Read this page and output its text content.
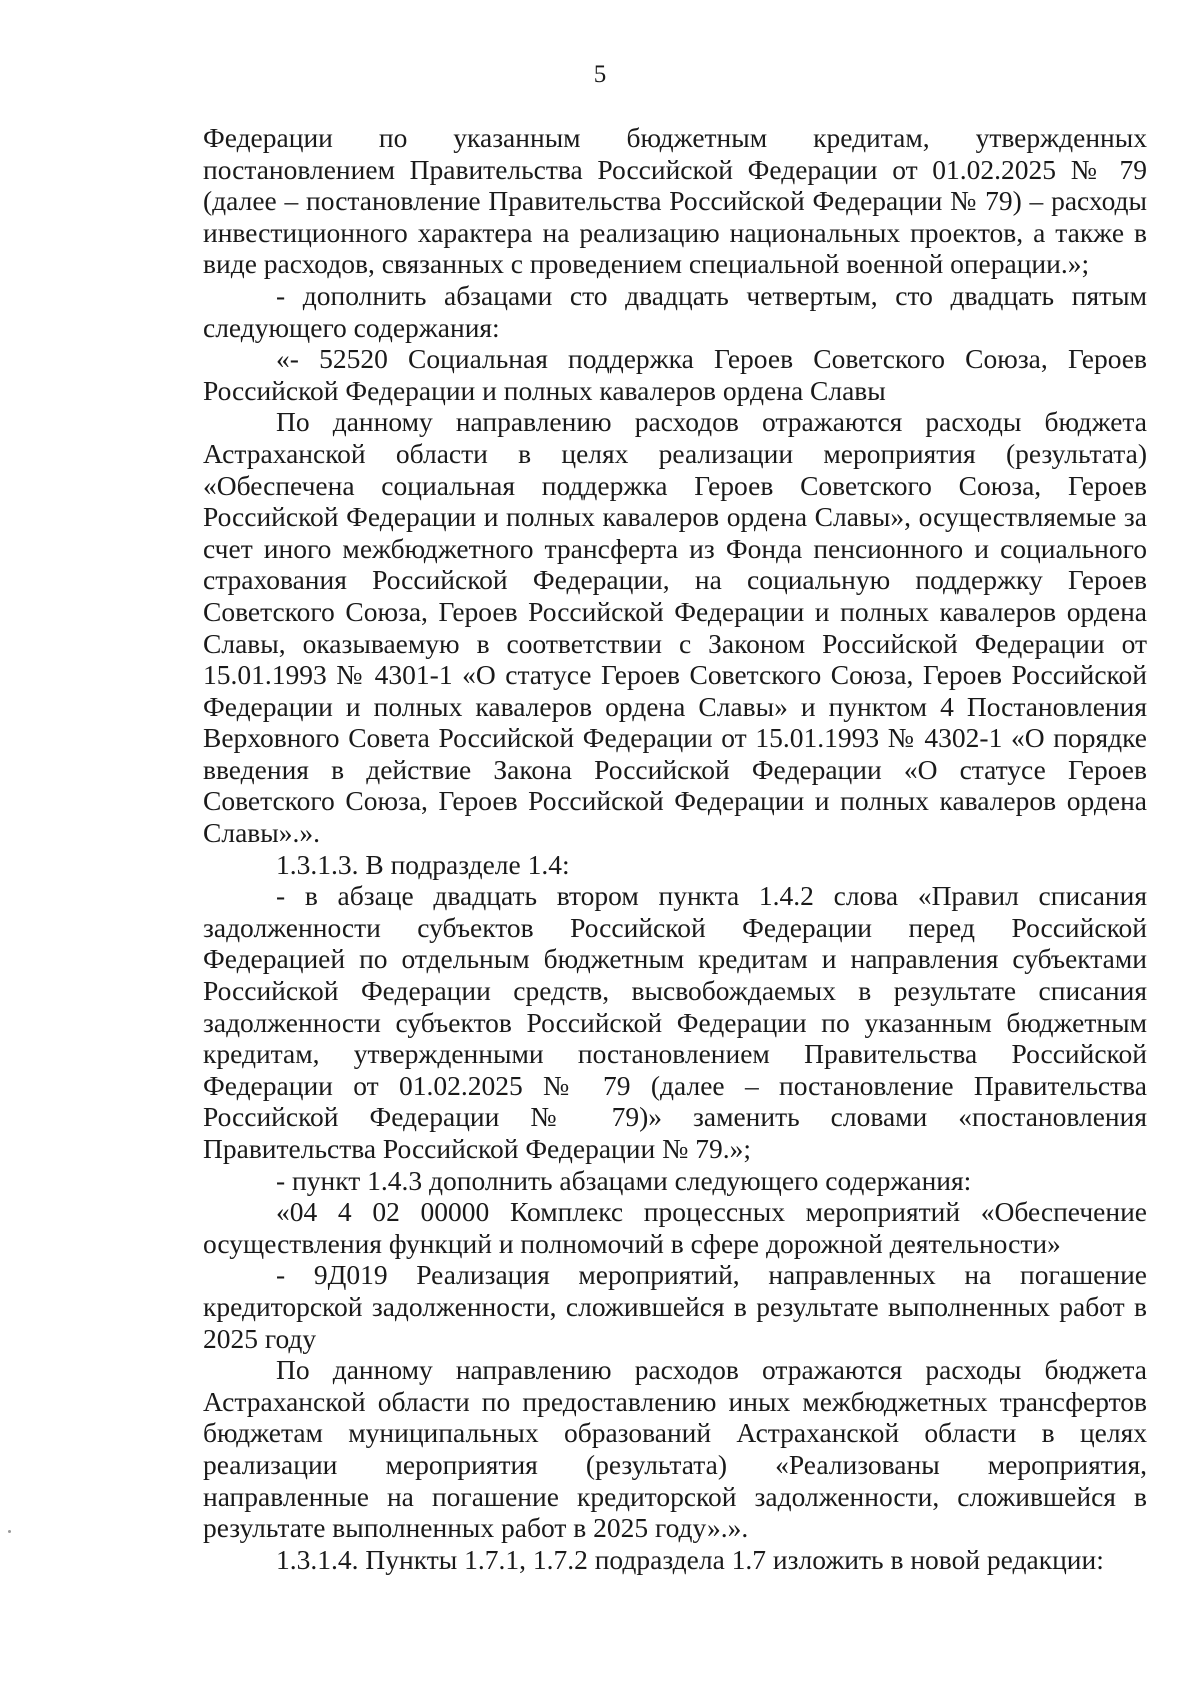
5

Федерации по указанным бюджетным кредитам, утвержденных постановлением Правительства Российской Федерации от 01.02.2025 № 79 (далее – постановление Правительства Российской Федерации № 79) – расходы инвестиционного характера на реализацию национальных проектов, а также в виде расходов, связанных с проведением специальной военной операции.»;

- дополнить абзацами сто двадцать четвертым, сто двадцать пятым следующего содержания:

«- 52520 Социальная поддержка Героев Советского Союза, Героев Российской Федерации и полных кавалеров ордена Славы

По данному направлению расходов отражаются расходы бюджета Астраханской области в целях реализации мероприятия (результата) «Обеспечена социальная поддержка Героев Советского Союза, Героев Российской Федерации и полных кавалеров ордена Славы», осуществляемые за счет иного межбюджетного трансферта из Фонда пенсионного и социального страхования Российской Федерации, на социальную поддержку Героев Советского Союза, Героев Российской Федерации и полных кавалеров ордена Славы, оказываемую в соответствии с Законом Российской Федерации от 15.01.1993 № 4301-1 «О статусе Героев Советского Союза, Героев Российской Федерации и полных кавалеров ордена Славы» и пунктом 4 Постановления Верховного Совета Российской Федерации от 15.01.1993 № 4302-1 «О порядке введения в действие Закона Российской Федерации «О статусе Героев Советского Союза, Героев Российской Федерации и полных кавалеров ордена Славы».».

1.3.1.3. В подразделе 1.4:

- в абзаце двадцать втором пункта 1.4.2 слова «Правил списания задолженности субъектов Российской Федерации перед Российской Федерацией по отдельным бюджетным кредитам и направления субъектами Российской Федерации средств, высвобождаемых в результате списания задолженности субъектов Российской Федерации по указанным бюджетным кредитам, утвержденными постановлением Правительства Российской Федерации от 01.02.2025 № 79 (далее – постановление Правительства Российской Федерации № 79)» заменить словами «постановления Правительства Российской Федерации № 79.»;

- пункт 1.4.3 дополнить абзацами следующего содержания:

«04 4 02 00000 Комплекс процессных мероприятий «Обеспечение осуществления функций и полномочий в сфере дорожной деятельности»

- 9Д019 Реализация мероприятий, направленных на погашение кредиторской задолженности, сложившейся в результате выполненных работ в 2025 году

По данному направлению расходов отражаются расходы бюджета Астраханской области по предоставлению иных межбюджетных трансфертов бюджетам муниципальных образований Астраханской области в целях реализации мероприятия (результата) «Реализованы мероприятия, направленные на погашение кредиторской задолженности, сложившейся в результате выполненных работ в 2025 году».».

1.3.1.4. Пункты 1.7.1, 1.7.2 подраздела 1.7 изложить в новой редакции:
